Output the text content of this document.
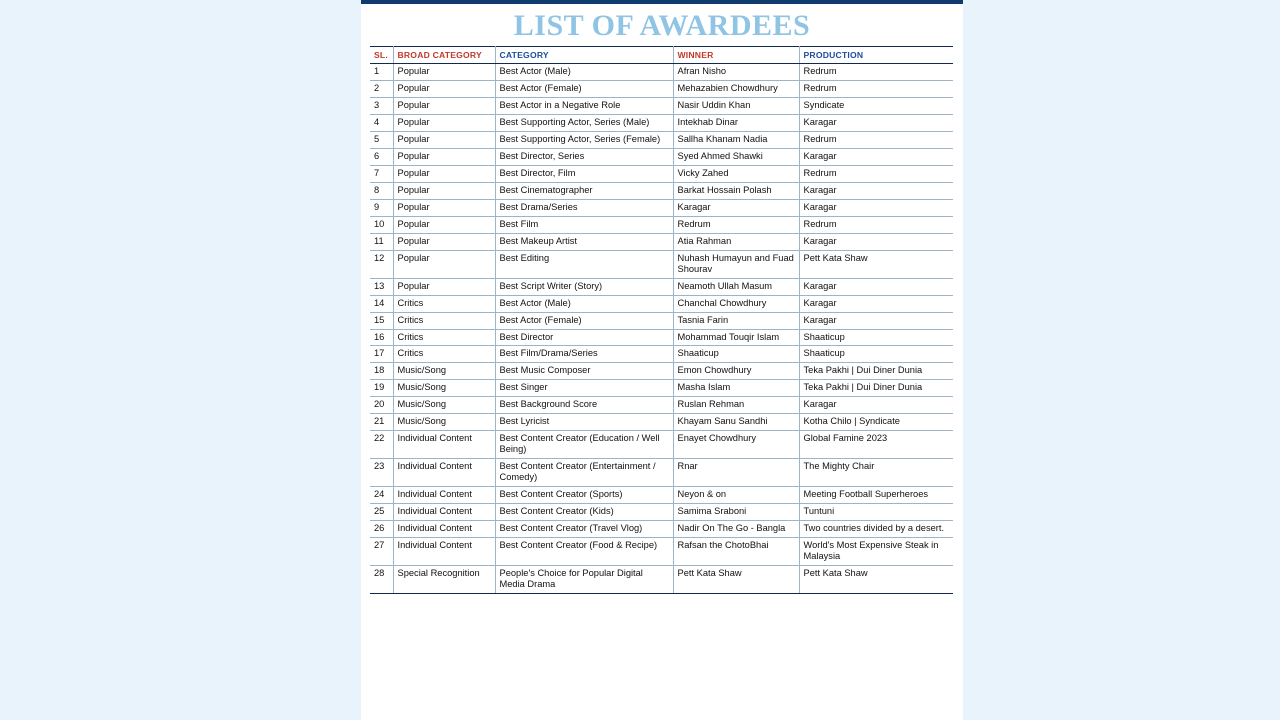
LIST OF AWARDEES
SL.	BROAD CATEGORY	CATEGORY	WINNER	PRODUCTION
1	Popular	Best Actor (Male)	Afran Nisho	Redrum
2	Popular	Best Actor (Female)	Mehazabien Chowdhury	Redrum
3	Popular	Best Actor in a Negative Role	Nasir Uddin Khan	Syndicate
4	Popular	Best Supporting Actor, Series (Male)	Intekhab Dinar	Karagar
5	Popular	Best Supporting Actor, Series (Female)	Sallha Khanam Nadia	Redrum
6	Popular	Best Director, Series	Syed Ahmed Shawki	Karagar
7	Popular	Best Director, Film	Vicky Zahed	Redrum
8	Popular	Best Cinematographer	Barkat Hossain Polash	Karagar
9	Popular	Best Drama/Series	Karagar	Karagar
10	Popular	Best Film	Redrum	Redrum
11	Popular	Best Makeup Artist	Atia Rahman	Karagar
12	Popular	Best Editing	Nuhash Humayun and Fuad Shourav	Pett Kata Shaw
13	Popular	Best Script Writer (Story)	Neamoth Ullah Masum	Karagar
14	Critics	Best Actor (Male)	Chanchal Chowdhury	Karagar
15	Critics	Best Actor (Female)	Tasnia Farin	Karagar
16	Critics	Best Director	Mohammad Touqir Islam	Shaaticup
17	Critics	Best Film/Drama/Series	Shaaticup	Shaaticup
18	Music/Song	Best Music Composer	Emon Chowdhury	Teka Pakhi | Dui Diner Dunia
19	Music/Song	Best Singer	Masha Islam	Teka Pakhi | Dui Diner Dunia
20	Music/Song	Best Background Score	Ruslan Rehman	Karagar
21	Music/Song	Best Lyricist	Khayam Sanu Sandhi	Kotha Chilo | Syndicate
22	Individual Content	Best Content Creator (Education / Well Being)	Enayet Chowdhury	Global Famine 2023
23	Individual Content	Best Content Creator (Entertainment / Comedy)	Rnar	The Mighty Chair
24	Individual Content	Best Content Creator (Sports)	Neyon & on	Meeting Football Superheroes
25	Individual Content	Best Content Creator (Kids)	Samima Sraboni	Tuntuni
26	Individual Content	Best Content Creator (Travel Vlog)	Nadir On The Go - Bangla	Two countries divided by a desert.
27	Individual Content	Best Content Creator (Food & Recipe)	Rafsan the ChotoBhai	World's Most Expensive Steak in Malaysia
28	Special Recognition	People's Choice for Popular Digital Media Drama	Pett Kata Shaw	Pett Kata Shaw
